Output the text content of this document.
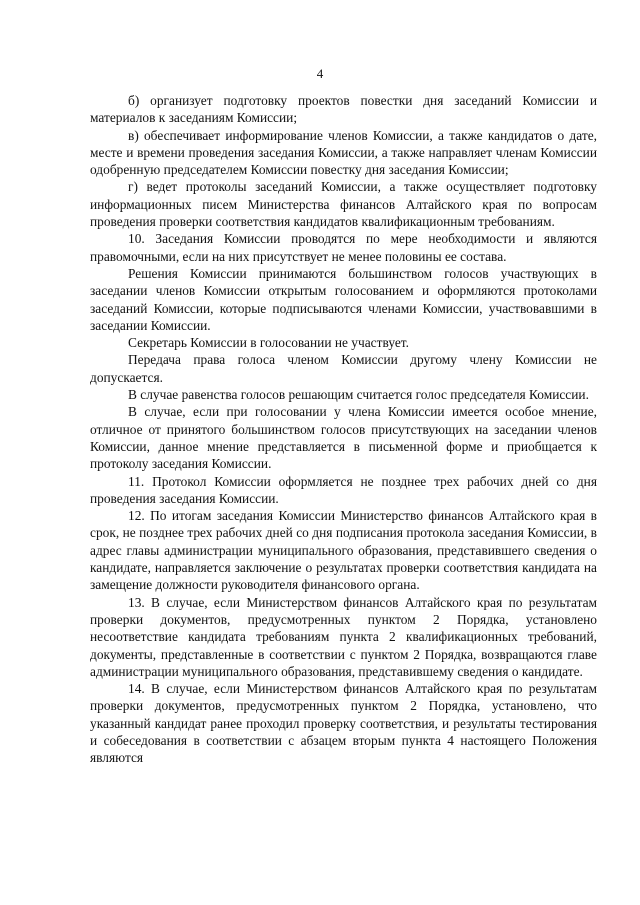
4

б) организует подготовку проектов повестки дня заседаний Комиссии и материалов к заседаниям Комиссии;

в) обеспечивает информирование членов Комиссии, а также кандидатов о дате, месте и времени проведения заседания Комиссии, а также направляет членам Комиссии одобренную председателем Комиссии повестку дня заседания Комиссии;

г) ведет протоколы заседаний Комиссии, а также осуществляет подготовку информационных писем Министерства финансов Алтайского края по вопросам проведения проверки соответствия кандидатов квалификационным требованиям.

10. Заседания Комиссии проводятся по мере необходимости и являются правомочными, если на них присутствует не менее половины ее состава.

Решения Комиссии принимаются большинством голосов участвующих в заседании членов Комиссии открытым голосованием и оформляются протоколами заседаний Комиссии, которые подписываются членами Комиссии, участвовавшими в заседании Комиссии.

Секретарь Комиссии в голосовании не участвует.

Передача права голоса членом Комиссии другому члену Комиссии не допускается.

В случае равенства голосов решающим считается голос председателя Комиссии.

В случае, если при голосовании у члена Комиссии имеется особое мнение, отличное от принятого большинством голосов присутствующих на заседании членов Комиссии, данное мнение представляется в письменной форме и приобщается к протоколу заседания Комиссии.

11. Протокол Комиссии оформляется не позднее трех рабочих дней со дня проведения заседания Комиссии.

12. По итогам заседания Комиссии Министерство финансов Алтайского края в срок, не позднее трех рабочих дней со дня подписания протокола заседания Комиссии, в адрес главы администрации муниципального образования, представившего сведения о кандидате, направляется заключение о результатах проверки соответствия кандидата на замещение должности руководителя финансового органа.

13. В случае, если Министерством финансов Алтайского края по результатам проверки документов, предусмотренных пунктом 2 Порядка, установлено несоответствие кандидата требованиям пункта 2 квалификационных требований, документы, представленные в соответствии с пунктом 2 Порядка, возвращаются главе администрации муниципального образования, представившему сведения о кандидате.

14. В случае, если Министерством финансов Алтайского края по результатам проверки документов, предусмотренных пунктом 2 Порядка, установлено, что указанный кандидат ранее проходил проверку соответствия, и результаты тестирования и собеседования в соответствии с абзацем вторым пункта 4 настоящего Положения являются
